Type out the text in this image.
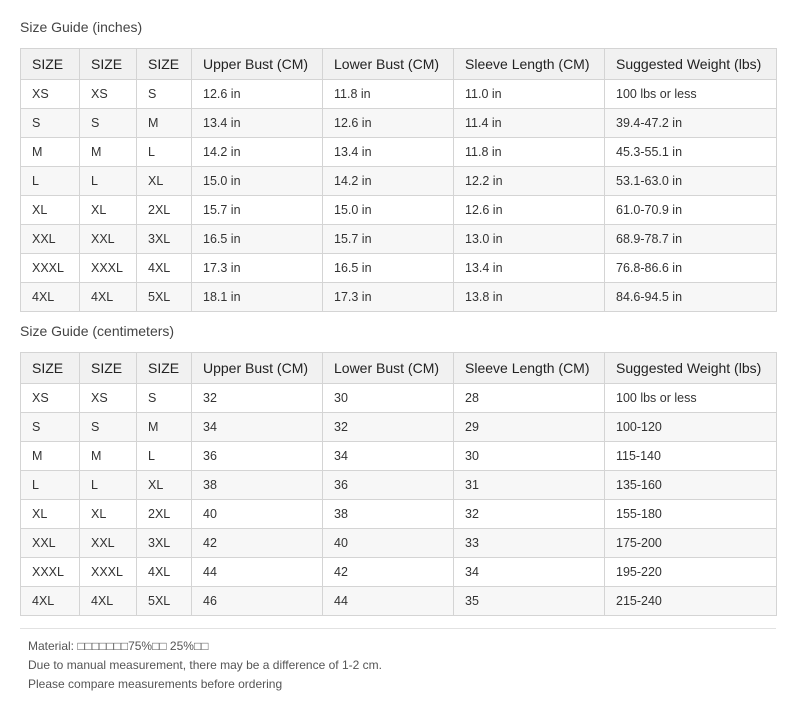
Size Guide (inches)
SIZE	SIZE	SIZE	Upper Bust (CM)	Lower Bust (CM)	Sleeve Length (CM)	Suggested Weight (lbs)
XS	XS	S	12.6 in	11.8 in	11.0 in	100 lbs or less
S	S	M	13.4 in	12.6 in	11.4 in	39.4-47.2 in
M	M	L	14.2 in	13.4 in	11.8 in	45.3-55.1 in
L	L	XL	15.0 in	14.2 in	12.2 in	53.1-63.0 in
XL	XL	2XL	15.7 in	15.0 in	12.6 in	61.0-70.9 in
XXL	XXL	3XL	16.5 in	15.7 in	13.0 in	68.9-78.7 in
XXXL	XXXL	4XL	17.3 in	16.5 in	13.4 in	76.8-86.6 in
4XL	4XL	5XL	18.1 in	17.3 in	13.8 in	84.6-94.5 in
Size Guide (centimeters)
SIZE	SIZE	SIZE	Upper Bust (CM)	Lower Bust (CM)	Sleeve Length (CM)	Suggested Weight (lbs)
XS	XS	S	32	30	28	100 lbs or less
S	S	M	34	32	29	100-120
M	M	L	36	34	30	115-140
L	L	XL	38	36	31	135-160
XL	XL	2XL	40	38	32	155-180
XXL	XXL	3XL	42	40	33	175-200
XXXL	XXXL	4XL	44	42	34	195-220
4XL	4XL	5XL	46	44	35	215-240
Material: □□□□□□□75%□□ 25%□□
Due to manual measurement, there may be a difference of 1-2 cm.
Please compare measurements before ordering
